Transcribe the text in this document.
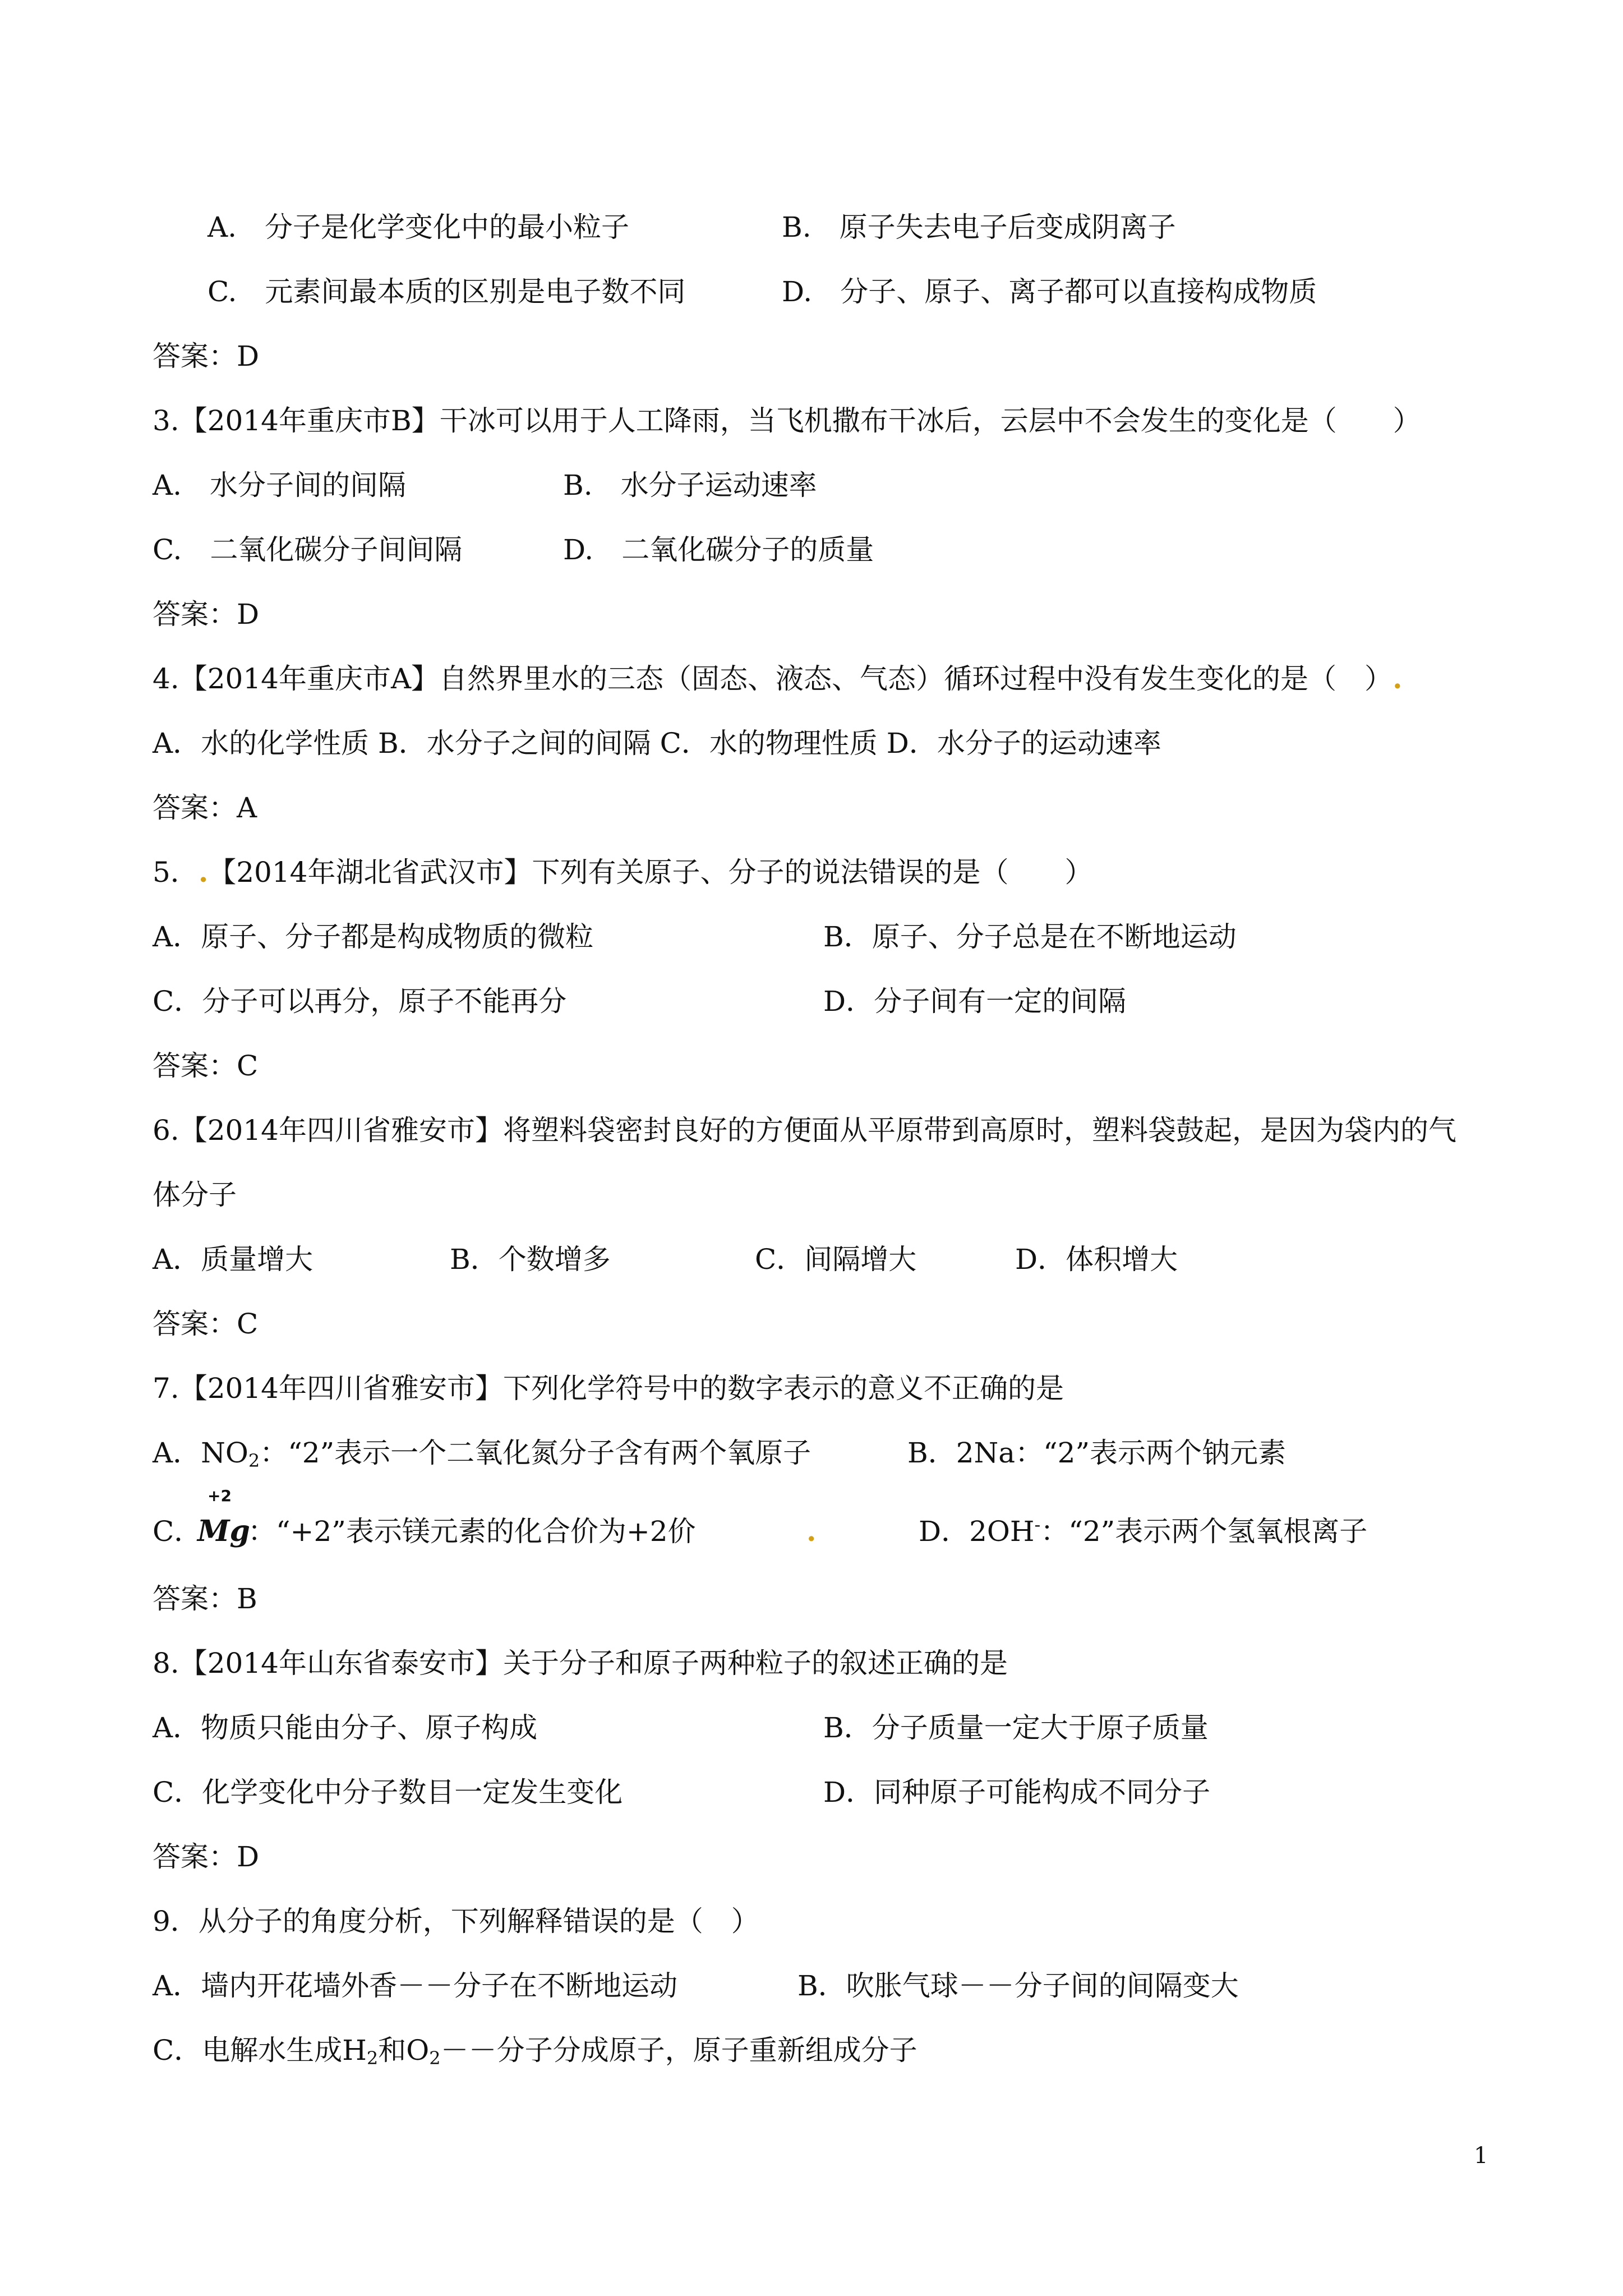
A.　分子是化学变化中的最小粒子	B.　原子失去电子后变成阴离子
C.　元素间最本质的区别是电子数不同	D.　分子、原子、离子都可以直接构成物质
答案：D
3.【2014年重庆市B】干冰可以用于人工降雨，当飞机撒布干冰后，云层中不会发生的变化是（　　）
A.　水分子间的间隔	B.　水分子运动速率
C.　二氧化碳分子间间隔	D.　二氧化碳分子的质量
答案：D
4.【2014年重庆市A】自然界里水的三态（固态、液态、气态）循环过程中没有发生变化的是（　）.
A．水的化学性质 B．水分子之间的间隔 C．水的物理性质 D．水分子的运动速率
答案：A
5．.【2014年湖北省武汉市】下列有关原子、分子的说法错误的是（　　）
A．原子、分子都是构成物质的微粒	B．原子、分子总是在不断地运动
C．分子可以再分，原子不能再分	D．分子间有一定的间隔
答案：C
6.【2014年四川省雅安市】将塑料袋密封良好的方便面从平原带到高原时，塑料袋鼓起，是因为袋内的气
体分子
A．质量增大	B．个数增多	C．间隔增大	D．体积增大
答案：C
7.【2014年四川省雅安市】下列化学符号中的数字表示的意义不正确的是
A．$NO_2$：“2”表示一个二氧化氮分子含有两个氧原子	B．2Na：“2”表示两个钠元素
C．
+2
Mg
：“+2”表示镁元素的化合价为+2价	.	D．2OH-：“2”表示两个氢氧根离子
答案：B
8.【2014年山东省泰安市】关于分子和原子两种粒子的叙述正确的是
A．物质只能由分子、原子构成	B．分子质量一定大于原子质量
C．化学变化中分子数目一定发生变化	D．同种原子可能构成不同分子
答案：D
9．从分子的角度分析，下列解释错误的是（　）
A．墙内开花墙外香－－分子在不断地运动	B．吹胀气球－－分子间的间隔变大
C．电解水生成$H_2$和$O_2--$分子分成原子，原子重新组成分子
1
